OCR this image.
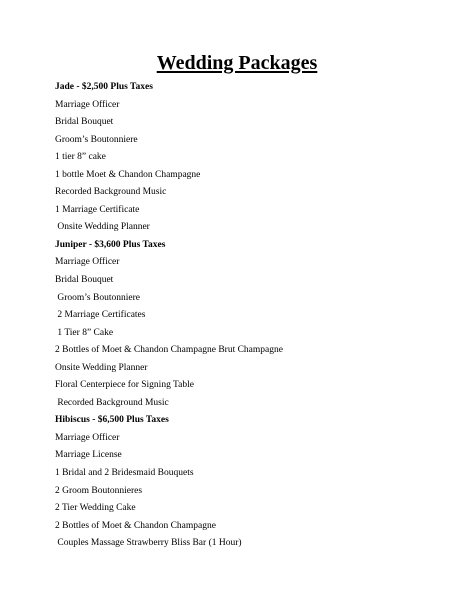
Wedding Packages
Jade - $2,500 Plus Taxes
Marriage Officer
Bridal Bouquet
Groom’s Boutonniere
1 tier 8” cake
1 bottle Moet & Chandon Champagne
Recorded Background Music
1 Marriage Certificate
Onsite Wedding Planner
Juniper - $3,600 Plus Taxes
Marriage Officer
Bridal Bouquet
Groom’s Boutonniere
2 Marriage Certificates
1 Tier 8” Cake
2 Bottles of Moet & Chandon Champagne Brut Champagne
Onsite Wedding Planner
Floral Centerpiece for Signing Table
Recorded Background Music
Hibiscus - $6,500 Plus Taxes
Marriage Officer
Marriage License
1 Bridal and 2 Bridesmaid Bouquets
2 Groom Boutonnieres
2 Tier Wedding Cake
2 Bottles of Moet & Chandon Champagne
Couples Massage Strawberry Bliss Bar (1 Hour)
